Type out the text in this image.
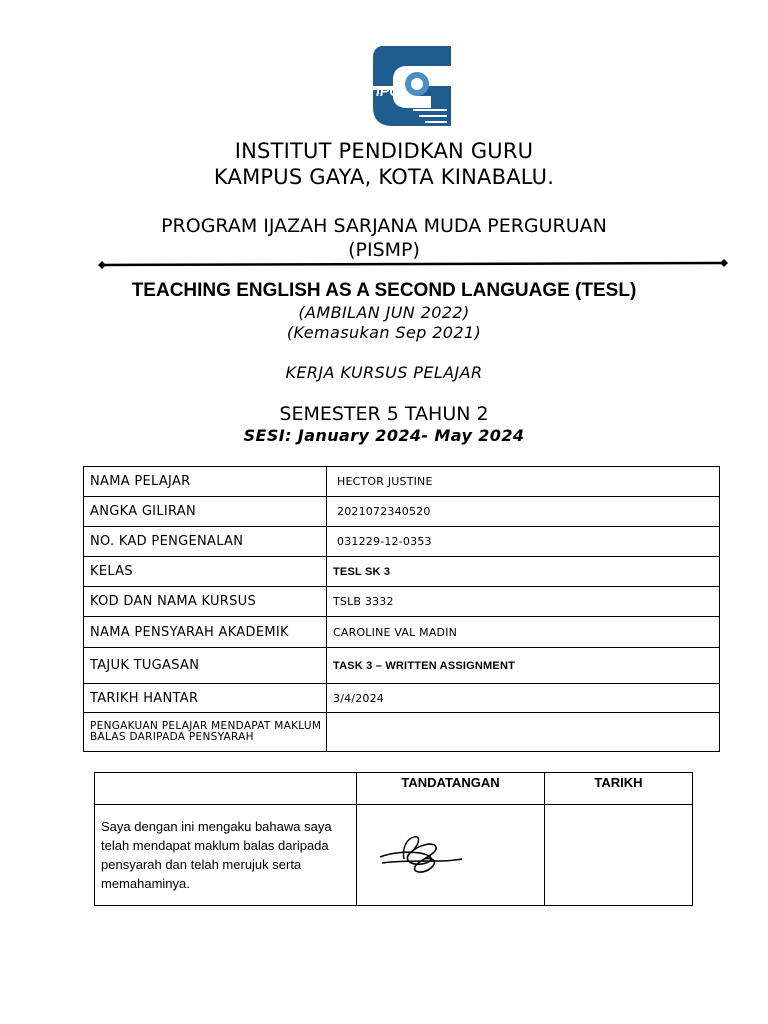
iPG
INSTITUT PENDIDKAN GURU
KAMPUS GAYA, KOTA KINABALU.
PROGRAM IJAZAH SARJANA MUDA PERGURUAN
(PISMP)
TEACHING ENGLISH AS A SECOND LANGUAGE (TESL)
(AMBILAN JUN 2022)
(Kemasukan Sep 2021)
KERJA KURSUS PELAJAR
SEMESTER 5 TAHUN 2
SESI: January 2024- May 2024
NAMA PELAJAR	HECTOR JUSTINE
ANGKA GILIRAN	2021072340520
NO. KAD PENGENALAN	031229-12-0353
KELAS	TESL SK 3
KOD DAN NAMA KURSUS	TSLB 3332
NAMA PENSYARAH AKADEMIK	CAROLINE VAL MADIN
TAJUK TUGASAN	TASK 3 – WRITTEN ASSIGNMENT
TARIKH HANTAR	3/4/2024
PENGAKUAN PELAJAR MENDAPAT MAKLUM BALAS DARIPADA PENSYARAH	
	TANDATANGAN	TARIKH
Saya dengan ini mengaku bahawa saya telah mendapat maklum balas daripada pensyarah dan telah merujuk serta memahaminya.	
